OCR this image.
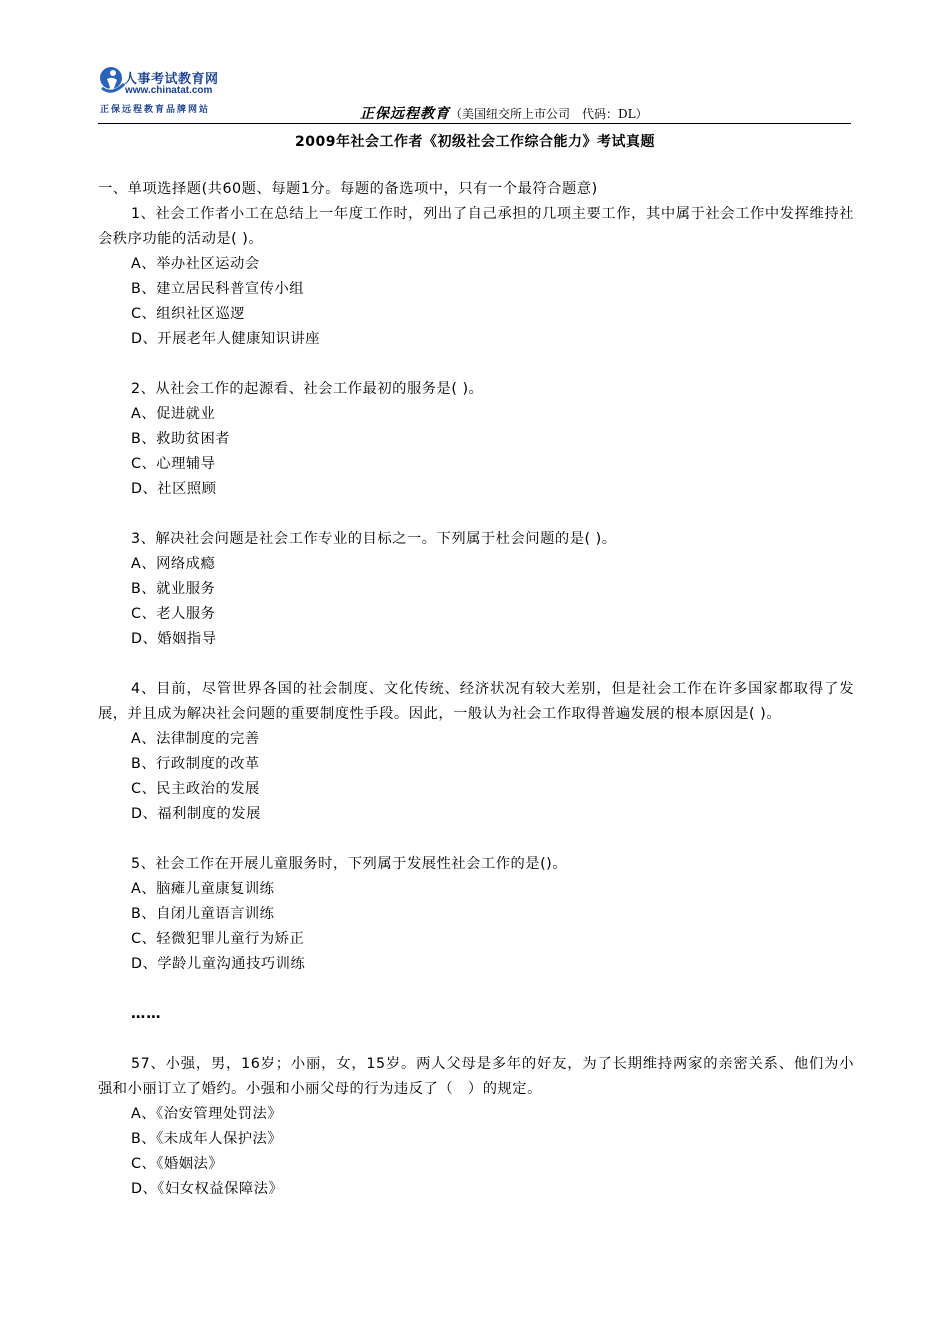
人事考试教育网
www.chinatat.com
正保远程教育品牌网站	正保远程教育（美国纽交所上市公司　代码：DL）
2009年社会工作者《初级社会工作综合能力》考试真题

一、单项选择题(共60题、每题1分。每题的备选项中，只有一个最符合题意)

1、社会工作者小工在总结上一年度工作时，列出了自己承担的几项主要工作，其中属于社会工作中发挥维持社会秩序功能的活动是( )。

A、举办社区运动会

B、建立居民科普宣传小组

C、组织社区巡逻

D、开展老年人健康知识讲座

2、从社会工作的起源看、社会工作最初的服务是( )。

A、促进就业

B、救助贫困者

C、心理辅导

D、社区照顾

3、解决社会问题是社会工作专业的目标之一。下列属于杜会问题的是( )。

A、网络成瘾

B、就业服务

C、老人服务

D、婚姻指导

4、目前，尽管世界各国的社会制度、文化传统、经济状况有较大差别，但是社会工作在许多国家都取得了发展，并且成为解决社会问题的重要制度性手段。因此，一般认为社会工作取得普遍发展的根本原因是( )。

A、法律制度的完善

B、行政制度的改革

C、民主政治的发展

D、福利制度的发展

5、社会工作在开展儿童服务时，下列属于发展性社会工作的是()。

A、脑瘫儿童康复训练

B、自闭儿童语言训练

C、轻微犯罪儿童行为矫正

D、学龄儿童沟通技巧训练

……

57、小强，男，16岁；小丽，女，15岁。两人父母是多年的好友，为了长期维持两家的亲密关系、他们为小强和小丽订立了婚约。小强和小丽父母的行为违反了（　）的规定。

A、《治安管理处罚法》

B、《未成年人保护法》

C、《婚姻法》

D、《妇女权益保障法》
